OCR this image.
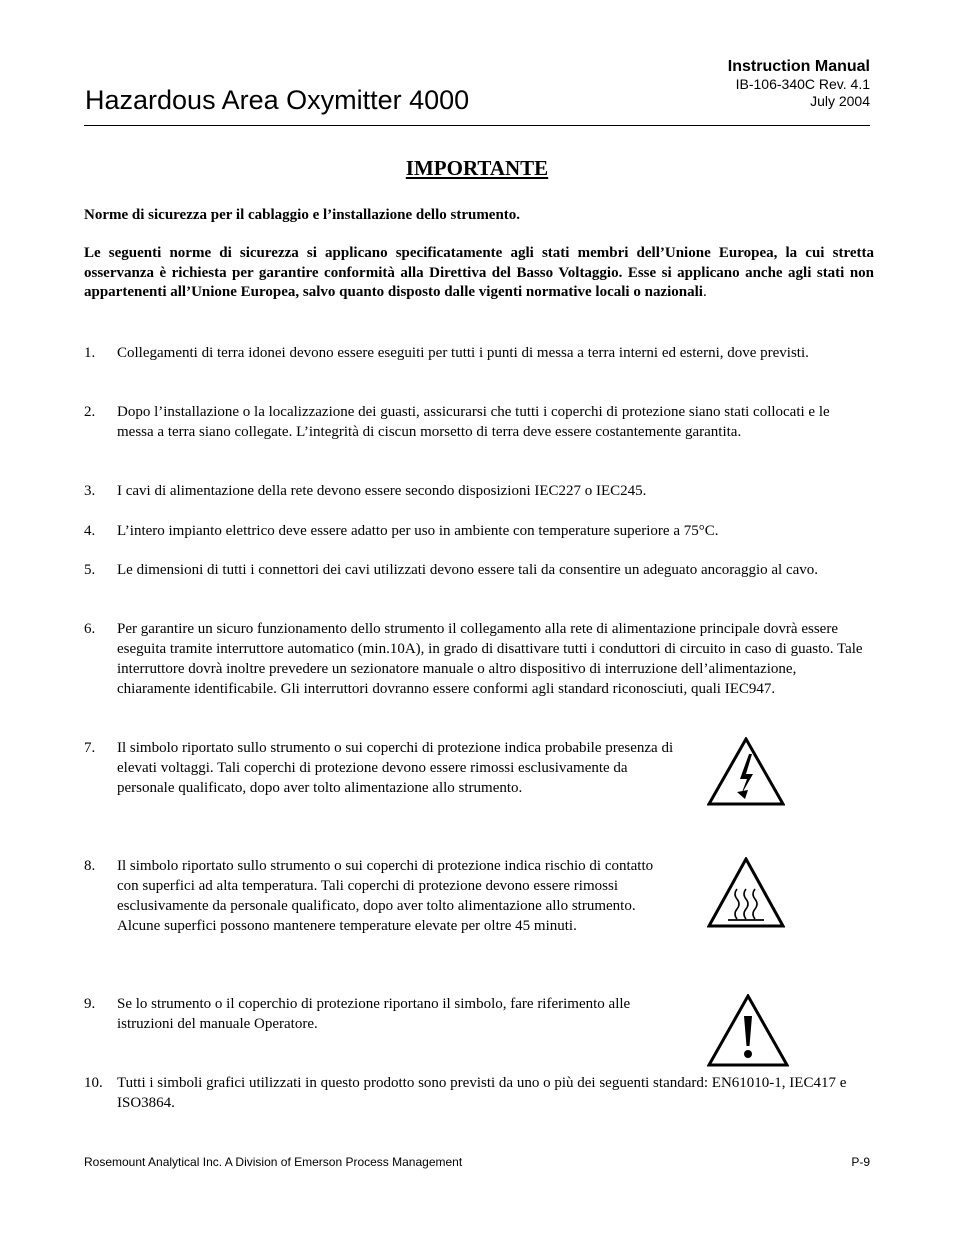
Hazardous Area Oxymitter 4000
Instruction Manual
IB-106-340C Rev. 4.1
July 2004
IMPORTANTE
Norme di sicurezza per il cablaggio e l’installazione dello strumento.
Le seguenti norme di sicurezza si applicano specificatamente agli stati membri dell’Unione Europea, la cui stretta osservanza è richiesta per garantire conformità alla Direttiva del Basso Voltaggio. Esse si applicano anche agli stati non appartenenti all’Unione Europea, salvo quanto disposto dalle vigenti normative locali o nazionali.
1.	Collegamenti di terra idonei devono essere eseguiti per tutti i punti di messa a terra interni ed esterni, dove previsti.
2.	Dopo l’installazione o la localizzazione dei guasti, assicurarsi che tutti i coperchi di protezione siano stati collocati e le messa a terra siano collegate. L’integrità di ciscun morsetto di terra deve essere costantemente garantita.
3.	I cavi di alimentazione della rete devono essere secondo disposizioni IEC227 o IEC245.
4.	L’intero impianto elettrico deve essere adatto per uso in ambiente con temperature superiore a 75°C.
5.	Le dimensioni di tutti i connettori dei cavi utilizzati devono essere tali da consentire un adeguato ancoraggio al cavo.
6.	Per garantire un sicuro funzionamento dello strumento il collegamento alla rete di alimentazione principale dovrà essere eseguita tramite interruttore automatico (min.10A), in grado di disattivare tutti i conduttori di circuito in caso di guasto. Tale interruttore dovrà inoltre prevedere un sezionatore manuale o altro dispositivo di interruzione dell’alimentazione, chiaramente identificabile. Gli interruttori dovranno essere conformi agli standard riconosciuti, quali IEC947.
7.	Il simbolo riportato sullo strumento o sui coperchi di protezione indica probabile presenza di elevati voltaggi. Tali coperchi di protezione devono essere rimossi esclusivamente da personale qualificato, dopo aver tolto alimentazione allo strumento.
8.	Il simbolo riportato sullo strumento o sui coperchi di protezione indica rischio di contatto con superfici ad alta temperatura. Tali coperchi di protezione devono essere rimossi esclusivamente da personale qualificato, dopo aver tolto alimentazione allo strumento. Alcune superfici possono mantenere temperature elevate per oltre 45 minuti.
9.	Se lo strumento o il coperchio di protezione riportano il simbolo, fare riferimento alle istruzioni del manuale Operatore.
10. Tutti i simboli grafici utilizzati in questo prodotto sono previsti da uno o più dei seguenti standard: EN61010-1, IEC417 e ISO3864.
Rosemount Analytical Inc. A Division of Emerson Process Management	P-9
